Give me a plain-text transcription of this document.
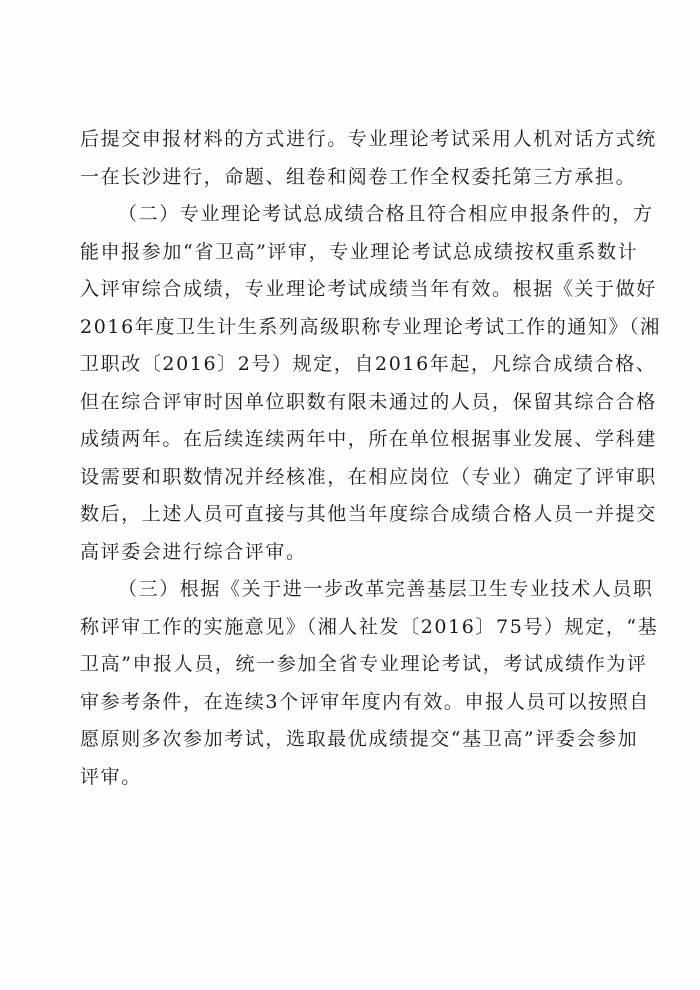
后提交申报材料的方式进行。专业理论考试采用人机对话方式统
一在长沙进行，命题、组卷和阅卷工作全权委托第三方承担。
（二）专业理论考试总成绩合格且符合相应申报条件的，方
能申报参加“省卫高”评审，专业理论考试总成绩按权重系数计
入评审综合成绩，专业理论考试成绩当年有效。根据《关于做好
2016年度卫生计生系列高级职称专业理论考试工作的通知》（湘
卫职改〔2016〕2号）规定，自2016年起，凡综合成绩合格、
但在综合评审时因单位职数有限未通过的人员，保留其综合合格
成绩两年。在后续连续两年中，所在单位根据事业发展、学科建
设需要和职数情况并经核准，在相应岗位（专业）确定了评审职
数后，上述人员可直接与其他当年度综合成绩合格人员一并提交
高评委会进行综合评审。
（三）根据《关于进一步改革完善基层卫生专业技术人员职
称评审工作的实施意见》（湘人社发〔2016〕75号）规定，“基
卫高”申报人员，统一参加全省专业理论考试，考试成绩作为评
审参考条件，在连续3个评审年度内有效。申报人员可以按照自
愿原则多次参加考试，选取最优成绩提交“基卫高”评委会参加
评审。
